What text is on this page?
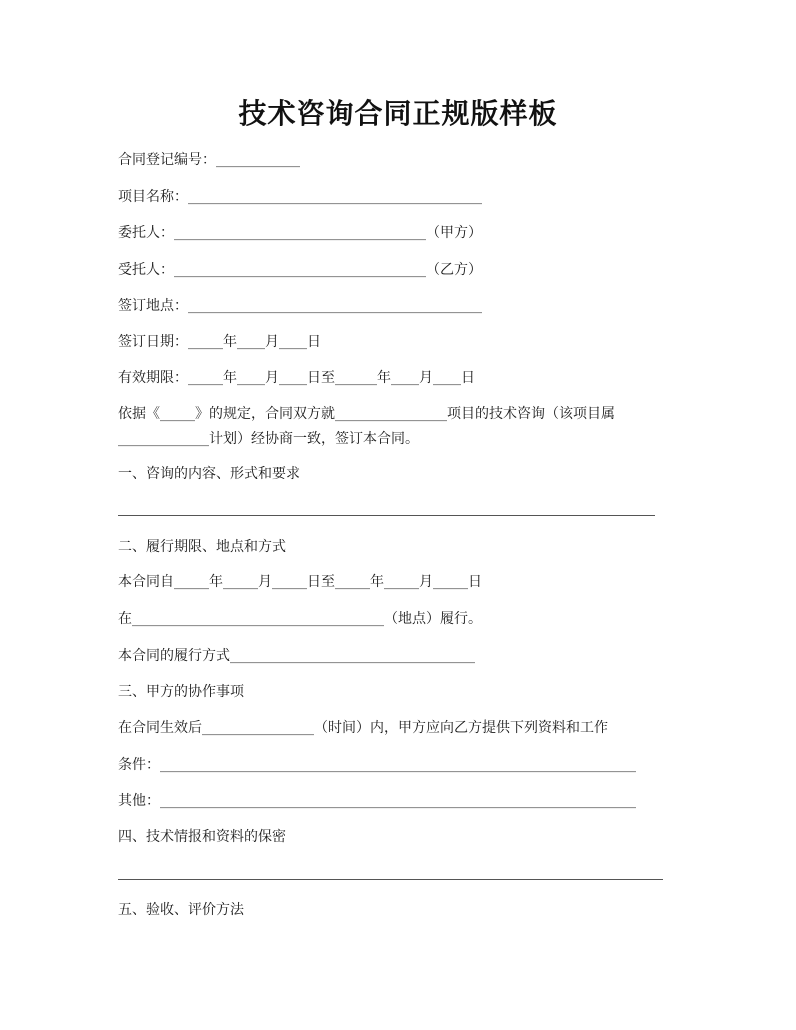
技术咨询合同正规版样板
合同登记编号：____________
项目名称：__________________________________________
委托人：____________________________________（甲方）
受托人：____________________________________（乙方）
签订地点：__________________________________________
签订日期：_____年____月____日
有效期限：_____年____月____日至______年____月____日
依据《_____》的规定，合同双方就________________项目的技术咨询（该项目属
_____________计划）经协商一致，签订本合同。
一、咨询的内容、形式和要求
二、履行期限、地点和方式
本合同自_____年_____月_____日至_____年_____月_____日
在____________________________________（地点）履行。
本合同的履行方式___________________________________
三、甲方的协作事项
在合同生效后________________（时间）内，甲方应向乙方提供下列资料和工作
条件：____________________________________________________________________
其他：____________________________________________________________________
四、技术情报和资料的保密
五、验收、评价方法
